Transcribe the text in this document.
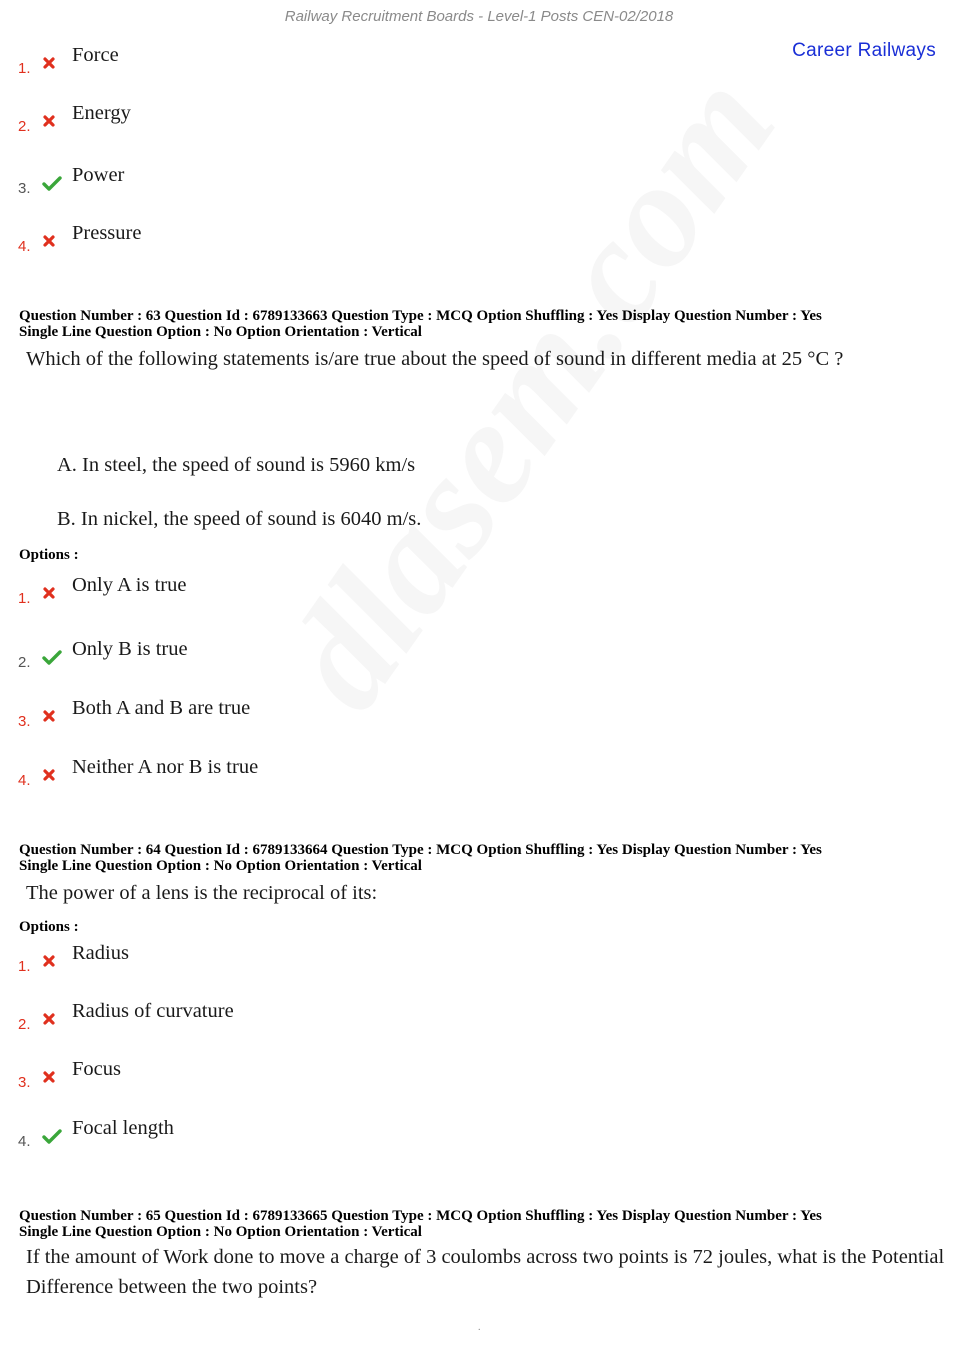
Railway Recruitment Boards - Level-1 Posts CEN-02/2018
Career Railways
1.
Force
2.
Energy
3.
Power
4.
Pressure
Question Number : 63 Question Id : 6789133663 Question Type : MCQ Option Shuffling : Yes Display Question Number : Yes
Single Line Question Option : No Option Orientation : Vertical
Which of the following statements is/are true about the speed of sound in different media at 25 °C ?
A. In steel, the speed of sound is 5960 km/s
B. In nickel, the speed of sound is 6040 m/s.
Options :
1.
Only A is true
2.
Only B is true
3.
Both A and B are true
4.
Neither A nor B is true
Question Number : 64 Question Id : 6789133664 Question Type : MCQ Option Shuffling : Yes Display Question Number : Yes
Single Line Question Option : No Option Orientation : Vertical
The power of a lens is the reciprocal of its:
Options :
1.
Radius
2.
Radius of curvature
3.
Focus
4.
Focal length
Question Number : 65 Question Id : 6789133665 Question Type : MCQ Option Shuffling : Yes Display Question Number : Yes
Single Line Question Option : No Option Orientation : Vertical
If the amount of Work done to move a charge of 3 coulombs across two points is 72 joules, what is the Potential Difference between the two points?
.
